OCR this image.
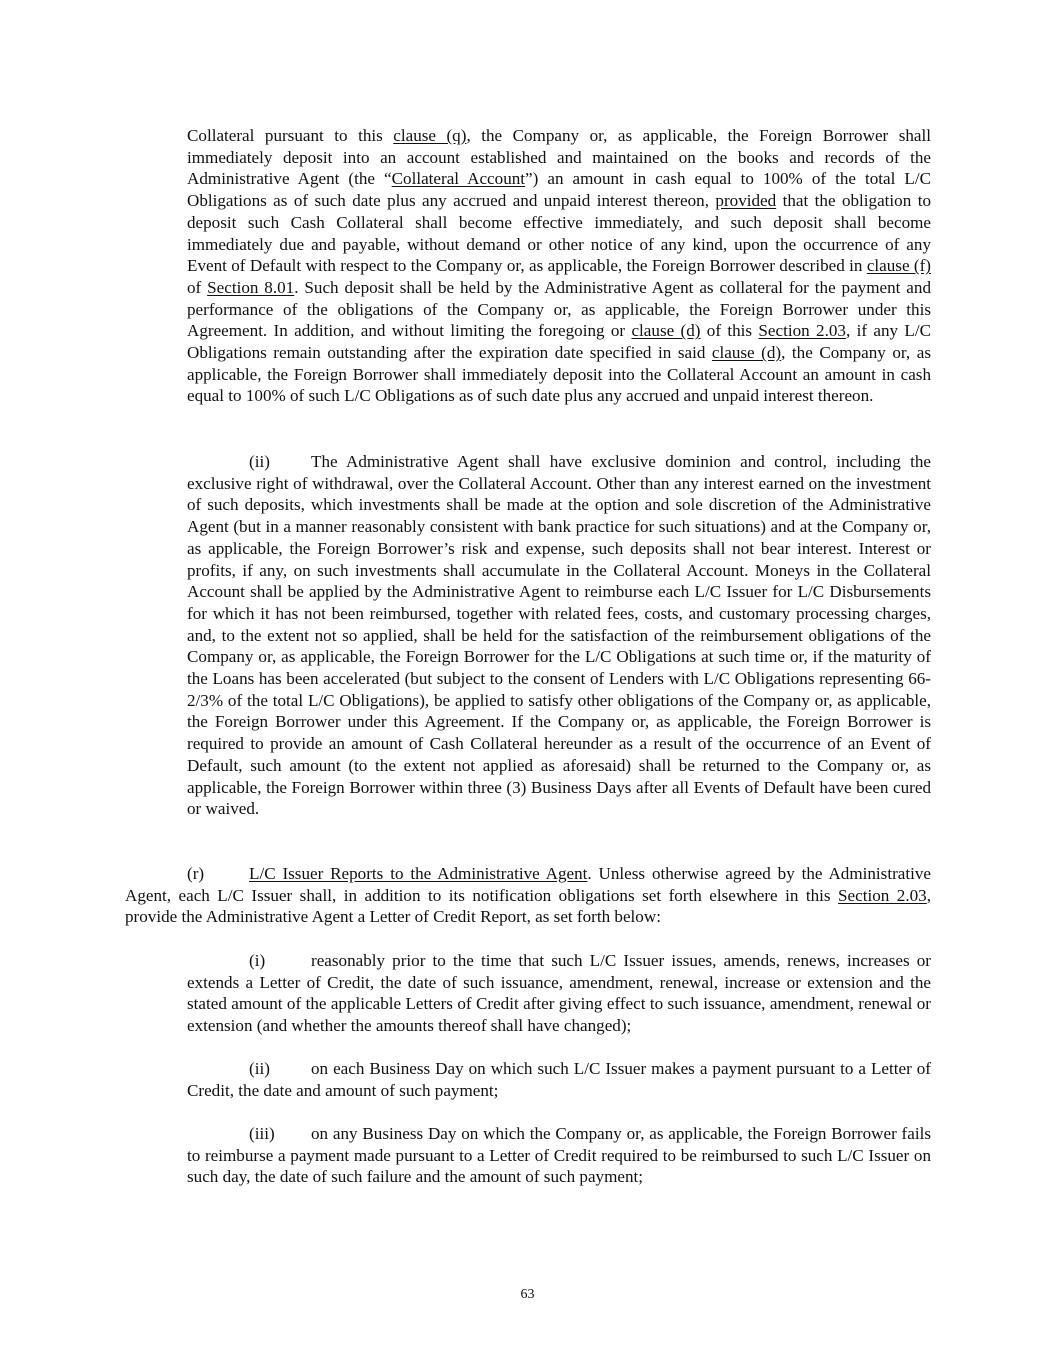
Collateral pursuant to this clause (q), the Company or, as applicable, the Foreign Borrower shall immediately deposit into an account established and maintained on the books and records of the Administrative Agent (the “Collateral Account”) an amount in cash equal to 100% of the total L/C Obligations as of such date plus any accrued and unpaid interest thereon, provided that the obligation to deposit such Cash Collateral shall become effective immediately, and such deposit shall become immediately due and payable, without demand or other notice of any kind, upon the occurrence of any Event of Default with respect to the Company or, as applicable, the Foreign Borrower described in clause (f) of Section 8.01. Such deposit shall be held by the Administrative Agent as collateral for the payment and performance of the obligations of the Company or, as applicable, the Foreign Borrower under this Agreement. In addition, and without limiting the foregoing or clause (d) of this Section 2.03, if any L/C Obligations remain outstanding after the expiration date specified in said clause (d), the Company or, as applicable, the Foreign Borrower shall immediately deposit into the Collateral Account an amount in cash equal to 100% of such L/C Obligations as of such date plus any accrued and unpaid interest thereon.

(ii) The Administrative Agent shall have exclusive dominion and control, including the exclusive right of withdrawal, over the Collateral Account. Other than any interest earned on the investment of such deposits, which investments shall be made at the option and sole discretion of the Administrative Agent (but in a manner reasonably consistent with bank practice for such situations) and at the Company or, as applicable, the Foreign Borrower’s risk and expense, such deposits shall not bear interest. Interest or profits, if any, on such investments shall accumulate in the Collateral Account. Moneys in the Collateral Account shall be applied by the Administrative Agent to reimburse each L/C Issuer for L/C Disbursements for which it has not been reimbursed, together with related fees, costs, and customary processing charges, and, to the extent not so applied, shall be held for the satisfaction of the reimbursement obligations of the Company or, as applicable, the Foreign Borrower for the L/C Obligations at such time or, if the maturity of the Loans has been accelerated (but subject to the consent of Lenders with L/C Obligations representing 66-2/3% of the total L/C Obligations), be applied to satisfy other obligations of the Company or, as applicable, the Foreign Borrower under this Agreement. If the Company or, as applicable, the Foreign Borrower is required to provide an amount of Cash Collateral hereunder as a result of the occurrence of an Event of Default, such amount (to the extent not applied as aforesaid) shall be returned to the Company or, as applicable, the Foreign Borrower within three (3) Business Days after all Events of Default have been cured or waived.

(r)	L/C Issuer Reports to the Administrative Agent. Unless otherwise agreed by the Administrative Agent, each L/C Issuer shall, in addition to its notification obligations set forth elsewhere in this Section 2.03, provide the Administrative Agent a Letter of Credit Report, as set forth below:

(i)	reasonably prior to the time that such L/C Issuer issues, amends, renews, increases or extends a Letter of Credit, the date of such issuance, amendment, renewal, increase or extension and the stated amount of the applicable Letters of Credit after giving effect to such issuance, amendment, renewal or extension (and whether the amounts thereof shall have changed);

(ii) on each Business Day on which such L/C Issuer makes a payment pursuant to a Letter of Credit, the date and amount of such payment;

(iii) on any Business Day on which the Company or, as applicable, the Foreign Borrower fails to reimburse a payment made pursuant to a Letter of Credit required to be reimbursed to such L/C Issuer on such day, the date of such failure and the amount of such payment;

63
